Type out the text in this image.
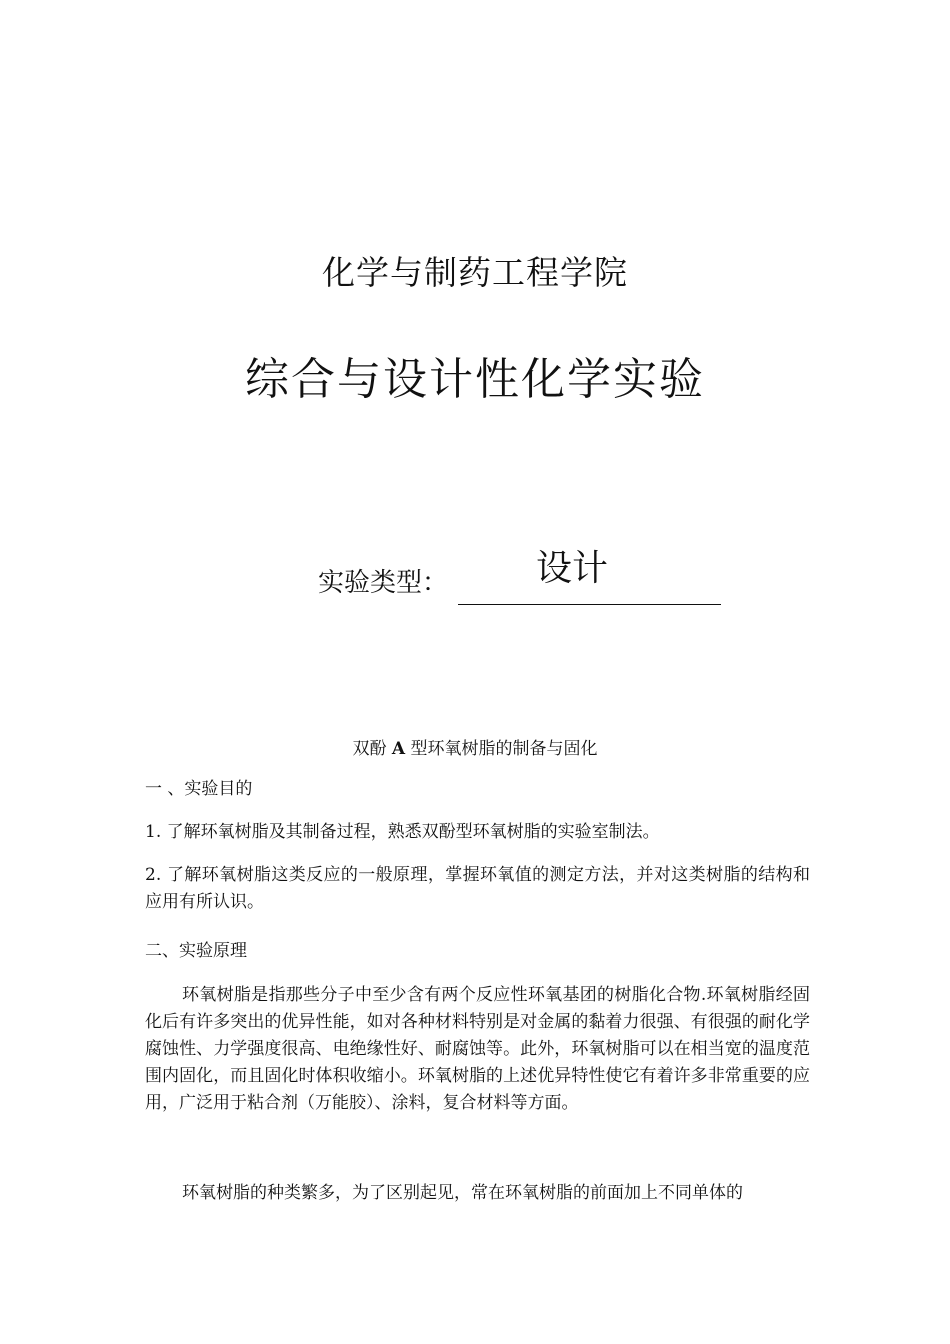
化学与制药工程学院
综合与设计性化学实验
实验类型： 设计
双酚 A 型环氧树脂的制备与固化
一 、实验目的
1. 了解环氧树脂及其制备过程，熟悉双酚型环氧树脂的实验室制法。
2. 了解环氧树脂这类反应的一般原理，掌握环氧值的测定方法，并对这类树脂的结构和应用有所认识。
二、实验原理
环氧树脂是指那些分子中至少含有两个反应性环氧基团的树脂化合物.环氧树脂经固化后有许多突出的优异性能，如对各种材料特别是对金属的黏着力很强、有很强的耐化学腐蚀性、力学强度很高、电绝缘性好、耐腐蚀等。此外，环氧树脂可以在相当宽的温度范围内固化，而且固化时体积收缩小。环氧树脂的上述优异特性使它有着许多非常重要的应用，广泛用于粘合剂（万能胶）、涂料，复合材料等方面。
环氧树脂的种类繁多，为了区别起见，常在环氧树脂的前面加上不同单体的
